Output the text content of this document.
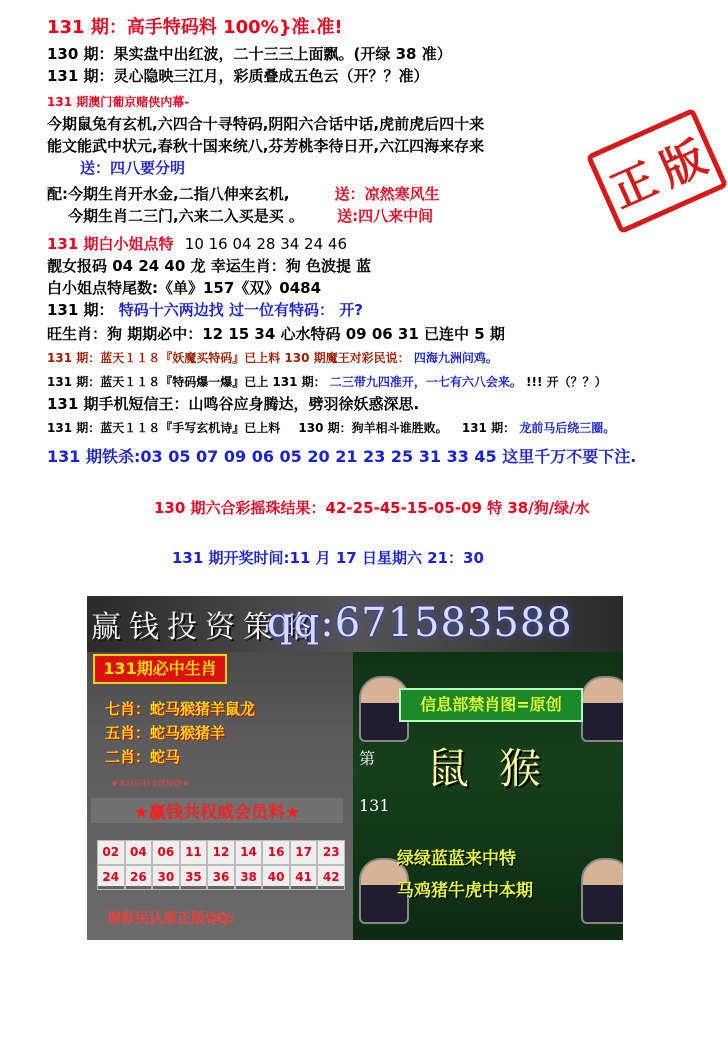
131 期：高手特码料 100%}准.准!
130 期：果实盘中出红波，二十三三上面飘。(开绿 38 准）
131 期：灵心隐映三江月，彩质叠成五色云（开？？准）
131 期澳门葡京赌侠内幕-
今期鼠兔有玄机,六四合十寻特码,阴阳六合话中话,虎前虎后四十来
能文能武中状元,春秋十国来统八,芬芳桃李待日开,六江四海来存来
送：四八要分明	正
版
配:今期生肖开水金,二指八伸来玄机,	送：凉然寒风生
今期生肖二三门,六来二入买是买 。 送:四八来中间
131 期白小姐点特 10 16 04 28 34 24 46
靓女报码 04 24 40 龙 幸运生肖：狗 色波提 蓝
白小姐点特尾数:《单》157《双》0484
131 期： 特码十六两边找 过一位有特码： 开?
旺生肖：狗 期期必中：12 15 34 心水特码 09 06 31 已连中 5 期
131 期：蓝天１１８『妖魔买特码』已上料 130 期魔王对彩民说： 四海九洲问鸡。
131 期：蓝天１１８『特码爆一爆』已上 131 期： 二三带九四准开，一七有六八会来。 !!! 开（？？）
131 期手机短信王：山鸣谷应身腾达，劈羽徐妖惑深思.
131 期：蓝天１１８『手写玄机诗』已上料 130 期：狗羊相斗谁胜败。 131 期： 龙前马后绕三圈。
131 期铁杀:03 05 07 09 06 05 20 21 23 25 31 33 45 这里千万不要下注.
130 期六合彩摇珠结果：42-25-45-15-05-09 特 38/狗/绿/水
131 期开奖时间:11 月 17 日星期六 21：30
赢钱投资策略
qq:671583588
131期必中生肖
七肖：蛇马猴猪羊鼠龙
五肖：蛇马猴猪羊
二肖：蛇马
★本站资料全部原创★
★赢钱共权威会员料★
02 04 06 11 12 14 16 17 23
24 26 30 35 36 38 40 41 42
请彩民认准正版QQ:
信息部禁肖图=原创
第
131
鼠猴
绿绿蓝蓝来中特
马鸡猪牛虎中本期
